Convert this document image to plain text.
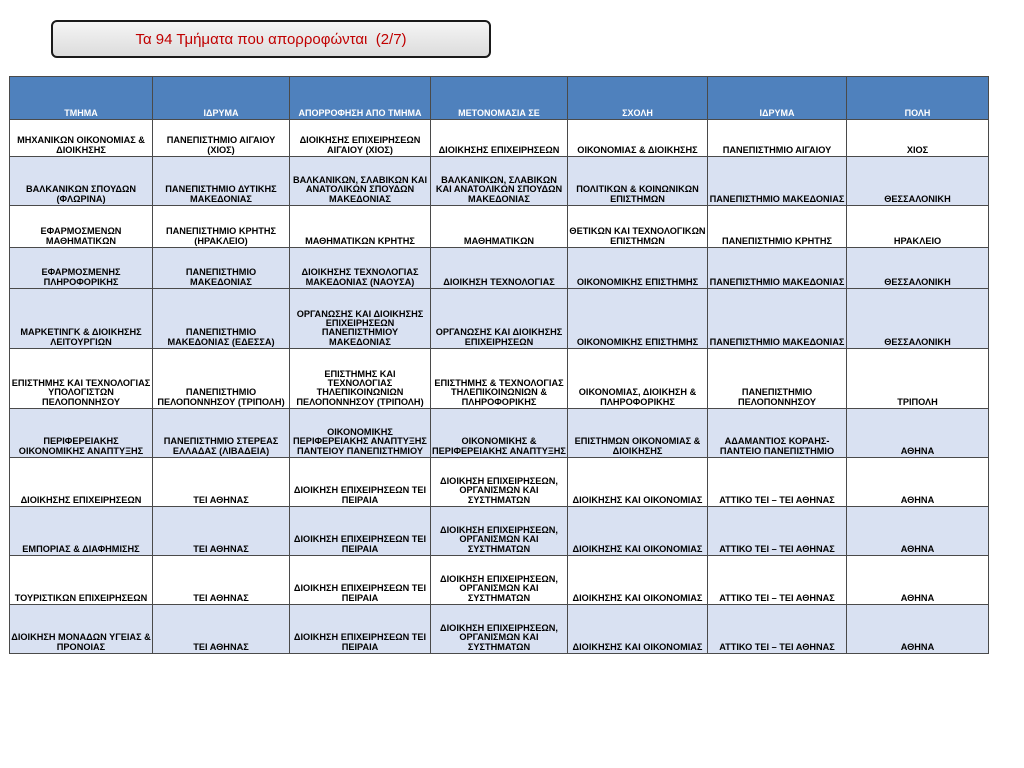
Τα 94 Τμήματα που απορροφώνται  (2/7)
ΤΜΗΜΑ	ΙΔΡΥΜΑ	ΑΠΟΡΡΟΦΗΣΗ ΑΠΟ ΤΜΗΜΑ	ΜΕΤΟΝΟΜΑΣΙΑ ΣΕ	ΣΧΟΛΗ	ΙΔΡΥΜΑ	ΠΟΛΗ
ΜΗΧΑΝΙΚΩΝ ΟΙΚΟΝΟΜΙΑΣ & ΔΙΟΙΚΗΣΗΣ	ΠΑΝΕΠΙΣΤΗΜΙΟ ΑΙΓΑΙΟΥ (ΧΙΟΣ)	ΔΙΟΙΚΗΣΗΣ ΕΠΙΧΕΙΡΗΣΕΩΝ ΑΙΓΑΙΟΥ (ΧΙΟΣ)	ΔΙΟΙΚΗΣΗΣ ΕΠΙΧΕΙΡΗΣΕΩΝ	ΟΙΚΟΝΟΜΙΑΣ & ΔΙΟΙΚΗΣΗΣ	ΠΑΝΕΠΙΣΤΗΜΙΟ ΑΙΓΑΙΟΥ	ΧΙΟΣ
ΒΑΛΚΑΝΙΚΩΝ ΣΠΟΥΔΩΝ (ΦΛΩΡΙΝΑ)	ΠΑΝΕΠΙΣΤΗΜΙΟ ΔΥΤΙΚΗΣ ΜΑΚΕΔΟΝΙΑΣ	ΒΑΛΚΑΝΙΚΩΝ, ΣΛΑΒΙΚΩΝ ΚΑΙ ΑΝΑΤΟΛΙΚΩΝ ΣΠΟΥΔΩΝ ΜΑΚΕΔΟΝΙΑΣ	ΒΑΛΚΑΝΙΚΩΝ, ΣΛΑΒΙΚΩΝ ΚΑΙ ΑΝΑΤΟΛΙΚΩΝ ΣΠΟΥΔΩΝ ΜΑΚΕΔΟΝΙΑΣ	ΠΟΛΙΤΙΚΩΝ & ΚΟΙΝΩΝΙΚΩΝ ΕΠΙΣΤΗΜΩΝ	ΠΑΝΕΠΙΣΤΗΜΙΟ ΜΑΚΕΔΟΝΙΑΣ	ΘΕΣΣΑΛΟΝΙΚΗ
ΕΦΑΡΜΟΣΜΕΝΩΝ ΜΑΘΗΜΑΤΙΚΩΝ	ΠΑΝΕΠΙΣΤΗΜΙΟ ΚΡΗΤΗΣ (ΗΡΑΚΛΕΙΟ)	ΜΑΘΗΜΑΤΙΚΩΝ ΚΡΗΤΗΣ	ΜΑΘΗΜΑΤΙΚΩΝ	ΘΕΤΙΚΩΝ ΚΑΙ ΤΕΧΝΟΛΟΓΙΚΩΝ ΕΠΙΣΤΗΜΩΝ	ΠΑΝΕΠΙΣΤΗΜΙΟ ΚΡΗΤΗΣ	ΗΡΑΚΛΕΙΟ
ΕΦΑΡΜΟΣΜΕΝΗΣ ΠΛΗΡΟΦΟΡΙΚΗΣ	ΠΑΝΕΠΙΣΤΗΜΙΟ ΜΑΚΕΔΟΝΙΑΣ	ΔΙΟΙΚΗΣΗΣ ΤΕΧΝΟΛΟΓΙΑΣ ΜΑΚΕΔΟΝΙΑΣ (ΝΑΟΥΣΑ)	ΔΙΟΙΚΗΣΗ ΤΕΧΝΟΛΟΓΙΑΣ	ΟΙΚΟΝΟΜΙΚΗΣ ΕΠΙΣΤΗΜΗΣ	ΠΑΝΕΠΙΣΤΗΜΙΟ ΜΑΚΕΔΟΝΙΑΣ	ΘΕΣΣΑΛΟΝΙΚΗ
ΜΑΡΚΕΤΙΝΓΚ & ΔΙΟΙΚΗΣΗΣ ΛΕΙΤΟΥΡΓΙΩΝ	ΠΑΝΕΠΙΣΤΗΜΙΟ ΜΑΚΕΔΟΝΙΑΣ (ΕΔΕΣΣΑ)	ΟΡΓΑΝΩΣΗΣ ΚΑΙ ΔΙΟΙΚΗΣΗΣ ΕΠΙΧΕΙΡΗΣΕΩΝ ΠΑΝΕΠΙΣΤΗΜΙΟΥ ΜΑΚΕΔΟΝΙΑΣ	ΟΡΓΑΝΩΣΗΣ ΚΑΙ ΔΙΟΙΚΗΣΗΣ ΕΠΙΧΕΙΡΗΣΕΩΝ	ΟΙΚΟΝΟΜΙΚΗΣ ΕΠΙΣΤΗΜΗΣ	ΠΑΝΕΠΙΣΤΗΜΙΟ ΜΑΚΕΔΟΝΙΑΣ	ΘΕΣΣΑΛΟΝΙΚΗ
ΕΠΙΣΤΗΜΗΣ ΚΑΙ ΤΕΧΝΟΛΟΓΙΑΣ ΥΠΟΛΟΓΙΣΤΩΝ ΠΕΛΟΠΟΝΝΗΣΟΥ	ΠΑΝΕΠΙΣΤΗΜΙΟ ΠΕΛΟΠΟΝΝΗΣΟΥ (ΤΡΙΠΟΛΗ)	ΕΠΙΣΤΗΜΗΣ ΚΑΙ ΤΕΧΝΟΛΟΓΙΑΣ ΤΗΛΕΠΙΚΟΙΝΩΝΙΩΝ ΠΕΛΟΠΟΝΝΗΣΟΥ (ΤΡΙΠΟΛΗ)	ΕΠΙΣΤΗΜΗΣ & ΤΕΧΝΟΛΟΓΙΑΣ ΤΗΛΕΠΙΚΟΙΝΩΝΙΩΝ & ΠΛΗΡΟΦΟΡΙΚΗΣ	ΟΙΚΟΝΟΜΙΑΣ, ΔΙΟΙΚΗΣΗ & ΠΛΗΡΟΦΟΡΙΚΗΣ	ΠΑΝΕΠΙΣΤΗΜΙΟ ΠΕΛΟΠΟΝΝΗΣΟΥ	ΤΡΙΠΟΛΗ
ΠΕΡΙΦΕΡΕΙΑΚΗΣ ΟΙΚΟΝΟΜΙΚΗΣ ΑΝΑΠΤΥΞΗΣ	ΠΑΝΕΠΙΣΤΗΜΙΟ ΣΤΕΡΕΑΣ ΕΛΛΑΔΑΣ (ΛΙΒΑΔΕΙΑ)	ΟΙΚΟΝΟΜΙΚΗΣ ΠΕΡΙΦΕΡΕΙΑΚΗΣ ΑΝΑΠΤΥΞΗΣ ΠΑΝΤΕΙΟΥ ΠΑΝΕΠΙΣΤΗΜΙΟΥ	ΟΙΚΟΝΟΜΙΚΗΣ & ΠΕΡΙΦΕΡΕΙΑΚΗΣ ΑΝΑΠΤΥΞΗΣ	ΕΠΙΣΤΗΜΩΝ ΟΙΚΟΝΟΜΙΑΣ & ΔΙΟΙΚΗΣΗΣ	ΑΔΑΜΑΝΤΙΟΣ ΚΟΡΑΗΣ-ΠΑΝΤΕΙΟ ΠΑΝΕΠΙΣΤΗΜΙΟ	ΑΘΗΝΑ
ΔΙΟΙΚΗΣΗΣ ΕΠΙΧΕΙΡΗΣΕΩΝ	ΤΕΙ ΑΘΗΝΑΣ	ΔΙΟΙΚΗΣΗ ΕΠΙΧΕΙΡΗΣΕΩΝ ΤΕΙ ΠΕΙΡΑΙΑ	ΔΙΟΙΚΗΣΗ ΕΠΙΧΕΙΡΗΣΕΩΝ, ΟΡΓΑΝΙΣΜΩΝ ΚΑΙ ΣΥΣΤΗΜΑΤΩΝ	ΔΙΟΙΚΗΣΗΣ ΚΑΙ ΟΙΚΟΝΟΜΙΑΣ	ΑΤΤΙΚΟ ΤΕΙ – ΤΕΙ ΑΘΗΝΑΣ	ΑΘΗΝΑ
ΕΜΠΟΡΙΑΣ & ΔΙΑΦΗΜΙΣΗΣ	ΤΕΙ ΑΘΗΝΑΣ	ΔΙΟΙΚΗΣΗ ΕΠΙΧΕΙΡΗΣΕΩΝ ΤΕΙ ΠΕΙΡΑΙΑ	ΔΙΟΙΚΗΣΗ ΕΠΙΧΕΙΡΗΣΕΩΝ, ΟΡΓΑΝΙΣΜΩΝ ΚΑΙ ΣΥΣΤΗΜΑΤΩΝ	ΔΙΟΙΚΗΣΗΣ ΚΑΙ ΟΙΚΟΝΟΜΙΑΣ	ΑΤΤΙΚΟ ΤΕΙ – ΤΕΙ ΑΘΗΝΑΣ	ΑΘΗΝΑ
ΤΟΥΡΙΣΤΙΚΩΝ ΕΠΙΧΕΙΡΗΣΕΩΝ	ΤΕΙ ΑΘΗΝΑΣ	ΔΙΟΙΚΗΣΗ ΕΠΙΧΕΙΡΗΣΕΩΝ ΤΕΙ ΠΕΙΡΑΙΑ	ΔΙΟΙΚΗΣΗ ΕΠΙΧΕΙΡΗΣΕΩΝ, ΟΡΓΑΝΙΣΜΩΝ ΚΑΙ ΣΥΣΤΗΜΑΤΩΝ	ΔΙΟΙΚΗΣΗΣ ΚΑΙ ΟΙΚΟΝΟΜΙΑΣ	ΑΤΤΙΚΟ ΤΕΙ – ΤΕΙ ΑΘΗΝΑΣ	ΑΘΗΝΑ
ΔΙΟΙΚΗΣΗ ΜΟΝΑΔΩΝ ΥΓΕΙΑΣ & ΠΡΟΝΟΙΑΣ	ΤΕΙ ΑΘΗΝΑΣ	ΔΙΟΙΚΗΣΗ ΕΠΙΧΕΙΡΗΣΕΩΝ ΤΕΙ ΠΕΙΡΑΙΑ	ΔΙΟΙΚΗΣΗ ΕΠΙΧΕΙΡΗΣΕΩΝ, ΟΡΓΑΝΙΣΜΩΝ ΚΑΙ ΣΥΣΤΗΜΑΤΩΝ	ΔΙΟΙΚΗΣΗΣ ΚΑΙ ΟΙΚΟΝΟΜΙΑΣ	ΑΤΤΙΚΟ ΤΕΙ – ΤΕΙ ΑΘΗΝΑΣ	ΑΘΗΝΑ
